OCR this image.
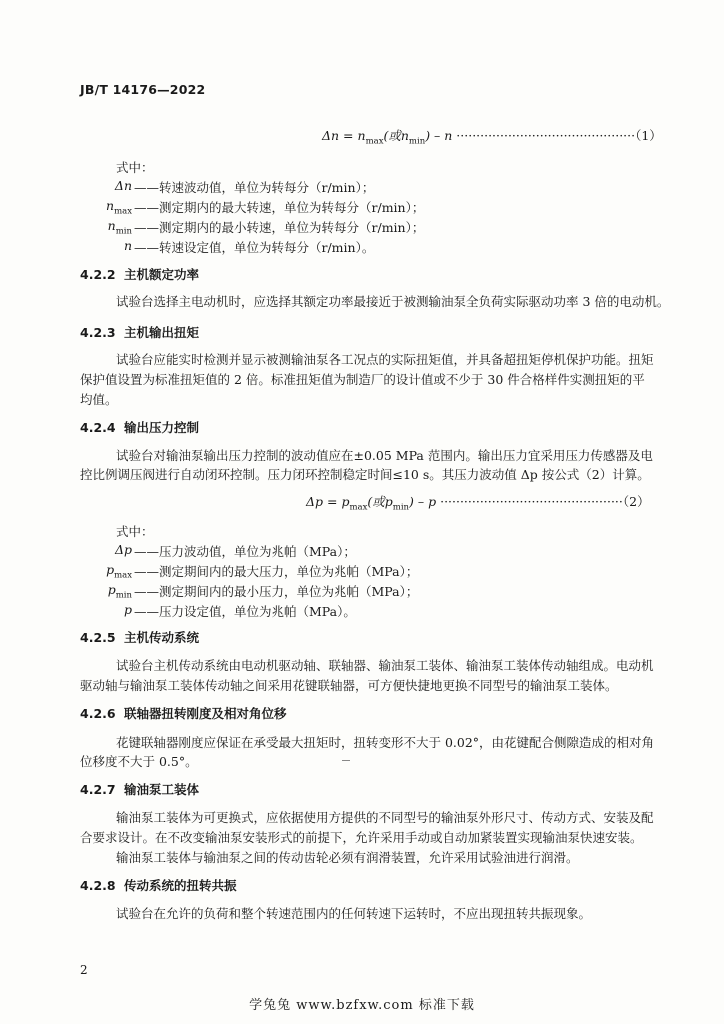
JB/T 14176—2022
$\Delta n = n_{max}$(或$n_{min}) - n \cdot\cdot\cdot\cdot\cdot\cdot\cdot\cdot\cdot\cdot\cdot\cdot\cdot\cdot\cdot\cdot\cdot\cdot\cdot\cdot\cdot\cdot\cdot\cdot\cdot\cdot\cdot\cdot\cdot\cdot\cdot\cdot\cdot\cdot\cdot\cdot\cdot\cdot\cdot\cdot\cdot\cdot\cdot\cdot\cdot(1)$
式中：
Δn ——转速波动值，单位为转每分（r/min）；
$n_{max}$ ——测定期内的最大转速，单位为转每分（r/min）；
$n_{min}$ ——测定期内的最小转速，单位为转每分（r/min）；
n ——转速设定值，单位为转每分（r/min）。
4.2.2 主机额定功率
试验台选择主电动机时，应选择其额定功率最接近于被测输油泵全负荷实际驱动功率 3 倍的电动机。
4.2.3 主机输出扭矩
试验台应能实时检测并显示被测输油泵各工况点的实际扭矩值，并具备超扭矩停机保护功能。扭矩
保护值设置为标准扭矩值的 2 倍。标准扭矩值为制造厂的设计值或不少于 30 件合格样件实测扭矩的平
均值。
4.2.4 输出压力控制
试验台对输油泵输出压力控制的波动值应在±0.05 MPa 范围内。输出压力宜采用压力传感器及电
控比例调压阀进行自动闭环控制。压力闭环控制稳定时间≤10 s。其压力波动值 Δp 按公式（2）计算。
$\Delta p = p_{max}$(或$p_{min}) - p \cdot\cdot\cdot\cdot\cdot\cdot\cdot\cdot\cdot\cdot\cdot\cdot\cdot\cdot\cdot\cdot\cdot\cdot\cdot\cdot\cdot\cdot\cdot\cdot\cdot\cdot\cdot\cdot\cdot\cdot\cdot\cdot\cdot\cdot\cdot\cdot\cdot\cdot\cdot\cdot\cdot\cdot\cdot\cdot\cdot\cdot(2)$
式中：
Δp ——压力波动值，单位为兆帕（MPa）；
$p_{max}$ ——测定期间内的最大压力，单位为兆帕（MPa）；
$p_{min}$ ——测定期间内的最小压力，单位为兆帕（MPa）；
p ——压力设定值，单位为兆帕（MPa）。
4.2.5 主机传动系统
试验台主机传动系统由电动机驱动轴、联轴器、输油泵工装体、输油泵工装体传动轴组成。电动机
驱动轴与输油泵工装体传动轴之间采用花键联轴器，可方便快捷地更换不同型号的输油泵工装体。
4.2.6 联轴器扭转刚度及相对角位移
花键联轴器刚度应保证在承受最大扭矩时，扭转变形不大于 0.02°，由花键配合侧隙造成的相对角
位移度不大于 0.5°。
4.2.7 输油泵工装体
输油泵工装体为可更换式，应依据使用方提供的不同型号的输油泵外形尺寸、传动方式、安装及配
合要求设计。在不改变输油泵安装形式的前提下，允许采用手动或自动加紧装置实现输油泵快速安装。
输油泵工装体与输油泵之间的传动齿轮必须有润滑装置，允许采用试验油进行润滑。
4.2.8 传动系统的扭转共振
试验台在允许的负荷和整个转速范围内的任何转速下运转时，不应出现扭转共振现象。
2
学兔兔 www.bzfxw.com 标准下载
